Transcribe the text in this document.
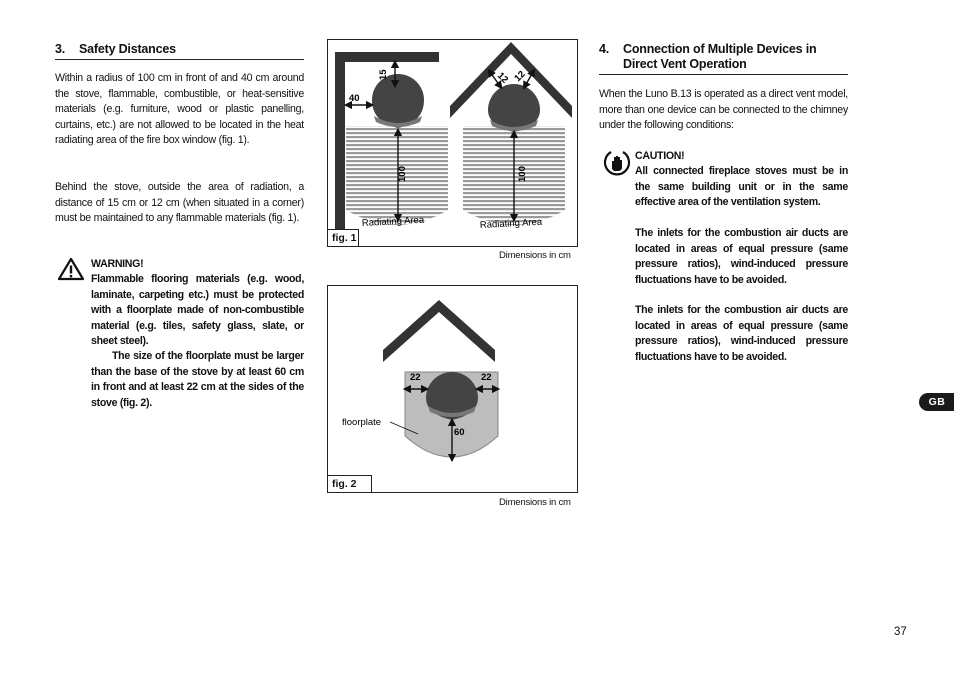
3. Safety Distances
Within a radius of 100 cm in front of and 40 cm around the stove, flammable, combustible, or heat-sensitive materials (e.g. furniture, wood or plastic panelling, curtains, etc.) are not allowed to be located in the heat radiating area of the fire box window (fig. 1).
Behind the stove, outside the area of radiation, a distance of 15 cm or 12 cm (when situated in a corner) must be maintained to any flammable materials (fig. 1).
WARNING!
Flammable flooring materials (e.g. wood, laminate, carpeting etc.) must be protected with a floorplate made of non-combustible material (e.g. tiles, safety glass, slate, or sheet steel).
The size of the floorplate must be larger than the base of the stove by at least 60 cm in front and at least 22 cm at the sides of the stove (fig. 2).
15
40
12 12
100	100
Radiating Area	Radiating Area
fig. 1
Dimensions in cm
22	22
60
floorplate
fig. 2
Dimensions in cm
4. Connection of Multiple Devices in
Direct Vent Operation
When the Luno B.13 is operated as a direct vent model, more than one device can be connected to the chimney under the following conditions:
CAUTION!
All connected fireplace stoves must be in the same building unit or in the same effective area of the ventilation system.
The inlets for the combustion air ducts are located in areas of equal pressure (same pressure ratios), wind-induced pressure fluctuations have to be avoided.
The inlets for the combustion air ducts are located in areas of equal pressure (same pressure ratios), wind-induced pressure fluctuations have to be avoided.
GB
37
